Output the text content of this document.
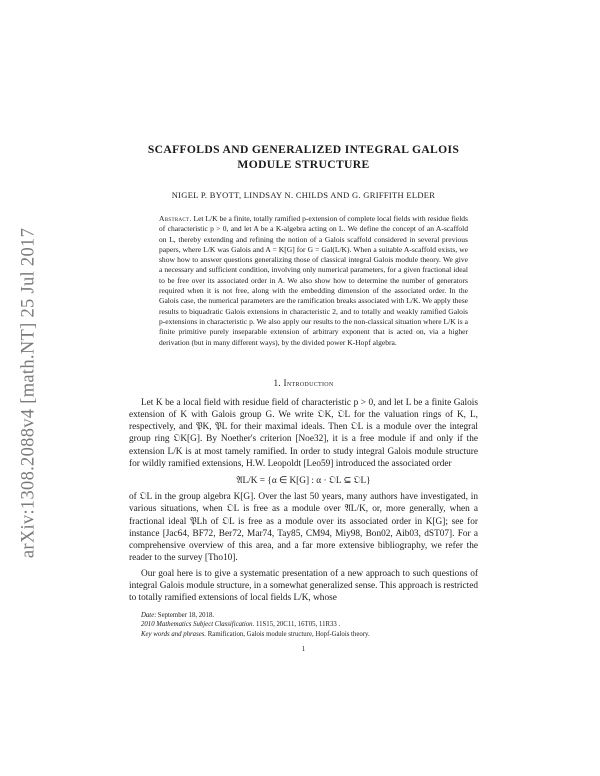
arXiv:1308.2088v4 [math.NT] 25 Jul 2017
SCAFFOLDS AND GENERALIZED INTEGRAL GALOIS MODULE STRUCTURE
NIGEL P. BYOTT, LINDSAY N. CHILDS AND G. GRIFFITH ELDER
Abstract. Let L/K be a finite, totally ramified p-extension of complete local fields with residue fields of characteristic p > 0, and let A be a K-algebra acting on L. We define the concept of an A-scaffold on L, thereby extending and refining the notion of a Galois scaffold considered in several previous papers, where L/K was Galois and A = K[G] for G = Gal(L/K). When a suitable A-scaffold exists, we show how to answer questions generalizing those of classical integral Galois module theory. We give a necessary and sufficient condition, involving only numerical parameters, for a given fractional ideal to be free over its associated order in A. We also show how to determine the number of generators required when it is not free, along with the embedding dimension of the associated order. In the Galois case, the numerical parameters are the ramification breaks associated with L/K. We apply these results to biquadratic Galois extensions in characteristic 2, and to totally and weakly ramified Galois p-extensions in characteristic p. We also apply our results to the non-classical situation where L/K is a finite primitive purely inseparable extension of arbitrary exponent that is acted on, via a higher derivation (but in many different ways), by the divided power K-Hopf algebra.
1. Introduction

Let K be a local field with residue field of characteristic p > 0, and let L be a finite Galois extension of K with Galois group G. We write 𝔒K, 𝔒L for the valuation rings of K, L, respectively, and 𝔓K, 𝔓L for their maximal ideals. Then 𝔒L is a module over the integral group ring 𝔒K[G]. By Noether's criterion [Noe32], it is a free module if and only if the extension L/K is at most tamely ramified. In order to study integral Galois module structure for wildly ramified extensions, H.W. Leopoldt [Leo59] introduced the associated order

𝔄L/K = {α ∈ K[G] : α · 𝔒L ⊆ 𝔒L}

of 𝔒L in the group algebra K[G]. Over the last 50 years, many authors have investigated, in various situations, when 𝔒L is free as a module over 𝔄L/K, or, more generally, when a fractional ideal 𝔓Lh of 𝔒L is free as a module over its associated order in K[G]; see for instance [Jac64, BF72, Ber72, Mar74, Tay85, CM94, Miy98, Bon02, Aib03, dST07]. For a comprehensive overview of this area, and a far more extensive bibliography, we refer the reader to the survey [Tho10].

Our goal here is to give a systematic presentation of a new approach to such questions of integral Galois module structure, in a somewhat generalized sense. This approach is restricted to totally ramified extensions of local fields L/K, whose

Date: September 18, 2018.
2010 Mathematics Subject Classification. 11S15, 20C11, 16T05, 11R33 .
Key words and phrases. Ramification, Galois module structure, Hopf-Galois theory.
1
